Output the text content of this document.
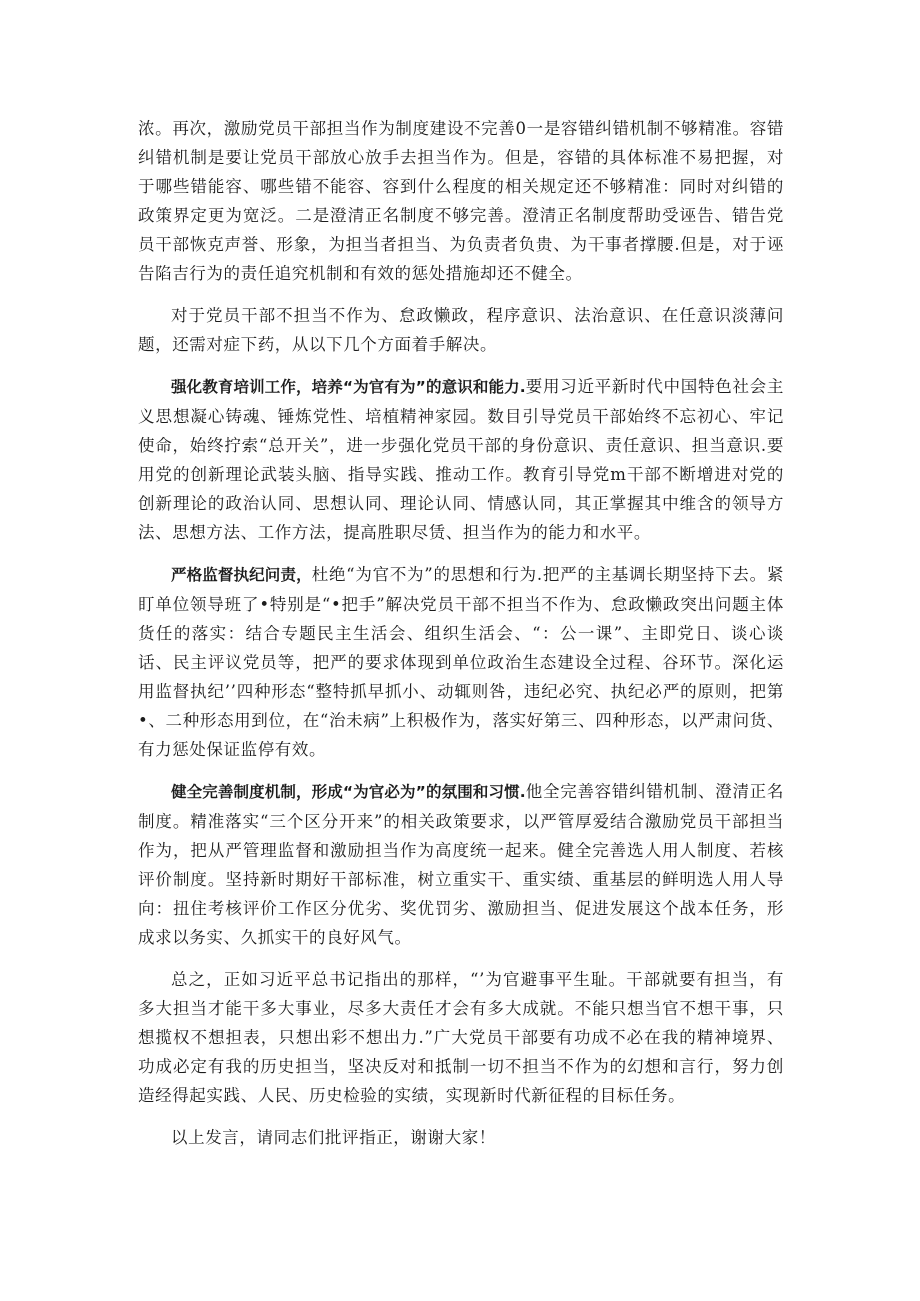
浓。再次，激励党员干部担当作为制度建设不完善0一是容错纠错机制不够精准。容错纠错机制是要让党员干部放心放手去担当作为。但是，容错的具体标准不易把握，对于哪些错能容、哪些错不能容、容到什么程度的相关规定还不够精准：同时对纠错的政策界定更为宽泛。二是澄清正名制度不够完善。澄清正名制度帮助受诬告、错告党员干部恢克声誉、形象，为担当者担当、为负责者负贵、为干事者撑腰.但是，对于诬告陷吉行为的责任追究机制和有效的惩处措施却还不健全。

对于党员干部不担当不作为、怠政懒政，程序意识、法治意识、在任意识淡薄问题，还需对症下药，从以下几个方面着手解决。

强化教育培训工作，培养“为官有为”的意识和能力.要用习近平新时代中国特色社会主义思想凝心铸魂、锤炼党性、培植精神家园。数目引导党员干部始终不忘初心、牢记使命，始终拧索“总开关”，进一步强化党员干部的身份意识、责任意识、担当意识.要用党的创新理论武装头脑、指导实践、推动工作。教育引导党m干部不断增进对党的创新理论的政治认同、思想认同、理论认同、情感认同，其正掌握其中维含的领导方法、思想方法、工作方法，提高胜职尽赁、担当作为的能力和水平。

严格监督执纪问责，杜绝“为官不为”的思想和行为.把严的主基调长期坚持下去。紧盯单位领导班了•特别是“•把手”解决党员干部不担当不作为、怠政懒政突出问题主体货任的落实：结合专题民主生活会、组织生活会、“：公一课”、主即党日、谈心谈话、民主评议党员等，把严的要求体现到单位政治生态建设全过程、谷环节。深化运用监督执纪’’四种形态“整特抓早抓小、动辄则咎，违纪必究、执纪必严的原则，把第•、二种形态用到位，在“治未病”上积极作为，落实好第三、四种形态，以严肃问货、有力惩处保证监停有效。

健全完善制度机制，形成“为官必为”的氛围和习惯.他全完善容错纠错机制、澄清正名制度。精准落实“三个区分开来”的相关政策要求，以严管厚爱结合激励党员干部担当作为，把从严管理监督和激励担当作为高度统一起来。健全完善选人用人制度、若核评价制度。坚持新时期好干部标准，树立重实干、重实绩、重基层的鲜明选人用人导向：扭住考核评价工作区分优劣、奖优罚劣、激励担当、促进发展这个战本任务，形成求以务实、久抓实干的良好风气。

总之，正如习近平总书记指出的那样，“’为官避事平生耻。干部就要有担当，有多大担当才能干多大事业，尽多大责任才会有多大成就。不能只想当官不想干事，只想揽权不想担表，只想出彩不想出力.”广大党员干部要有功成不必在我的精神境界、功成必定有我的历史担当，坚决反对和抵制一切不担当不作为的幻想和言行，努力创造经得起实践、人民、历史检验的实绩，实现新时代新征程的目标任务。

以上发言，请同志们批评指正，谢谢大家！
